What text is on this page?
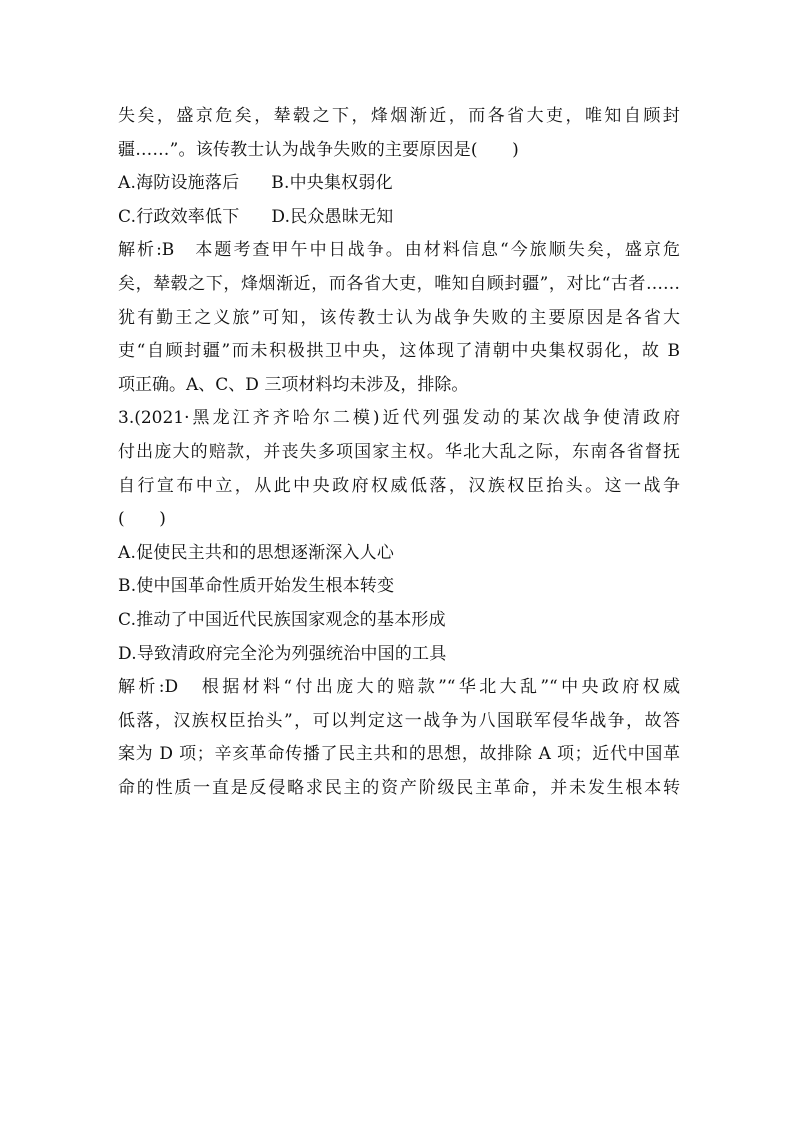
失矣，盛京危矣，辇毂之下，烽烟渐近，而各省大吏，唯知自顾封
疆……”。该传教士认为战争失败的主要原因是(　　)
A.海防设施落后 B.中央集权弱化
C.行政效率低下 D.民众愚昧无知
解析:B　本题考查甲午中日战争。由材料信息“今旅顺失矣，盛京危
矣，辇毂之下，烽烟渐近，而各省大吏，唯知自顾封疆”，对比“古者……
犹有勤王之义旅”可知，该传教士认为战争失败的主要原因是各省大
吏“自顾封疆”而未积极拱卫中央，这体现了清朝中央集权弱化，故 B
项正确。A、C、D 三项材料均未涉及，排除。
3.(2021·黑龙江齐齐哈尔二模)近代列强发动的某次战争使清政府
付出庞大的赔款，并丧失多项国家主权。华北大乱之际，东南各省督抚
自行宣布中立，从此中央政府权威低落，汉族权臣抬头。这一战争
(　　)
A.促使民主共和的思想逐渐深入人心
B.使中国革命性质开始发生根本转变
C.推动了中国近代民族国家观念的基本形成
D.导致清政府完全沦为列强统治中国的工具
解析:D　根据材料“付出庞大的赔款”“华北大乱”“中央政府权威
低落，汉族权臣抬头”，可以判定这一战争为八国联军侵华战争，故答
案为 D 项；辛亥革命传播了民主共和的思想，故排除 A 项；近代中国革
命的性质一直是反侵略求民主的资产阶级民主革命，并未发生根本转
